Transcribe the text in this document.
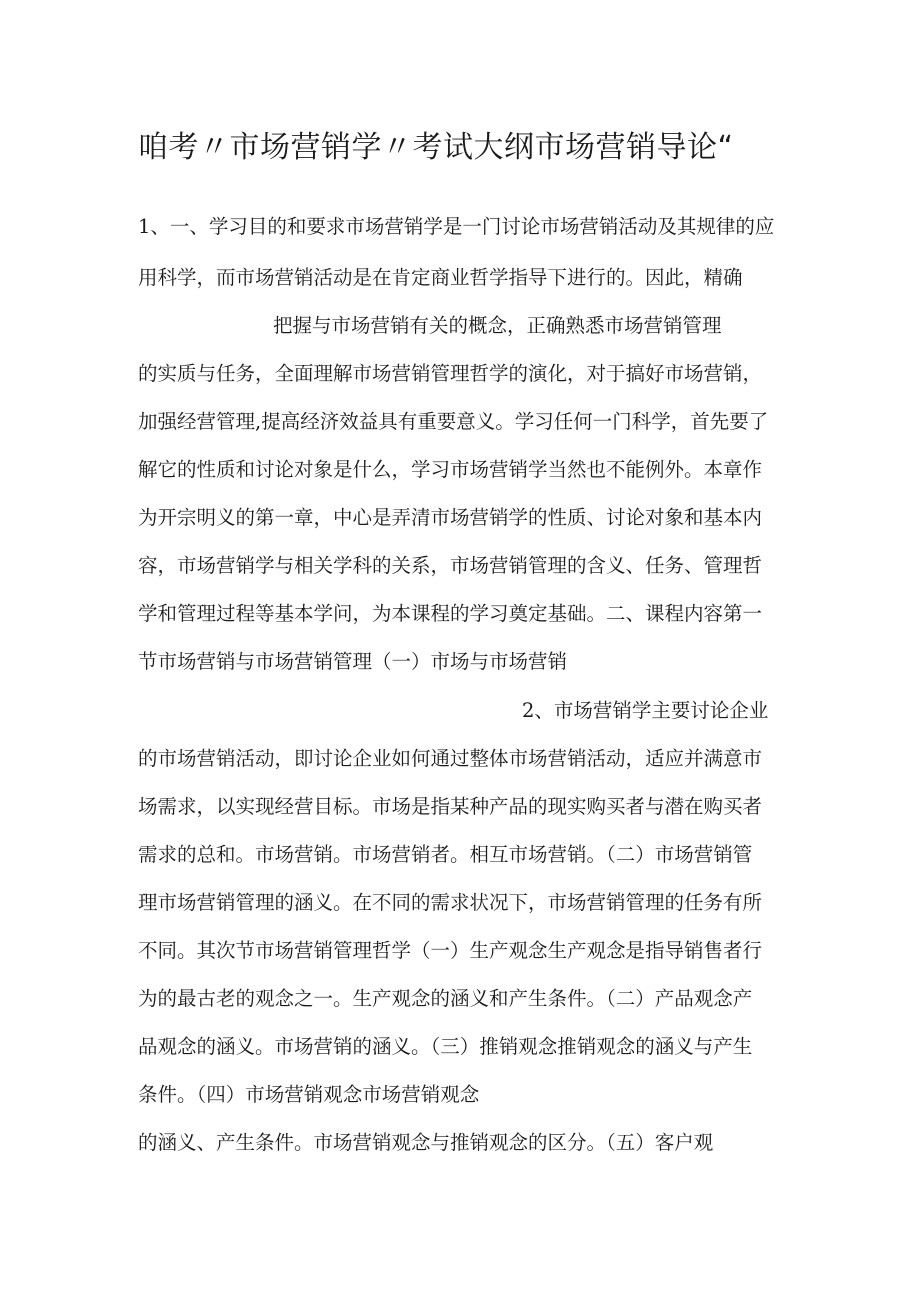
咱考〃市场营销学〃考试大纲市场营销导论“
1、一、学习目的和要求市场营销学是一门讨论市场营销活动及其规律的应
用科学，而市场营销活动是在肯定商业哲学指导下进行的。因此，精确
把握与市场营销有关的概念，正确熟悉市场营销管理
的实质与任务，全面理解市场营销管理哲学的演化，对于搞好市场营销，
加强经营管理,提高经济效益具有重要意义。学习任何一门科学，首先要了
解它的性质和讨论对象是什么，学习市场营销学当然也不能例外。本章作
为开宗明义的第一章，中心是弄清市场营销学的性质、讨论对象和基本内
容，市场营销学与相关学科的关系，市场营销管理的含义、任务、管理哲
学和管理过程等基本学问，为本课程的学习奠定基础。二、课程内容第一
节市场营销与市场营销管理（一）市场与市场营销
2、市场营销学主要讨论企业
的市场营销活动，即讨论企业如何通过整体市场营销活动，适应并满意市
场需求，以实现经营目标。市场是指某种产品的现实购买者与潜在购买者
需求的总和。市场营销。市场营销者。相互市场营销。（二）市场营销管
理市场营销管理的涵义。在不同的需求状况下，市场营销管理的任务有所
不同。其次节市场营销管理哲学（一）生产观念生产观念是指导销售者行
为的最古老的观念之一。生产观念的涵义和产生条件。（二）产品观念产
品观念的涵义。市场营销的涵义。（三）推销观念推销观念的涵义与产生
条件。（四）市场营销观念市场营销观念
的涵义、产生条件。市场营销观念与推销观念的区分。（五）客户观
